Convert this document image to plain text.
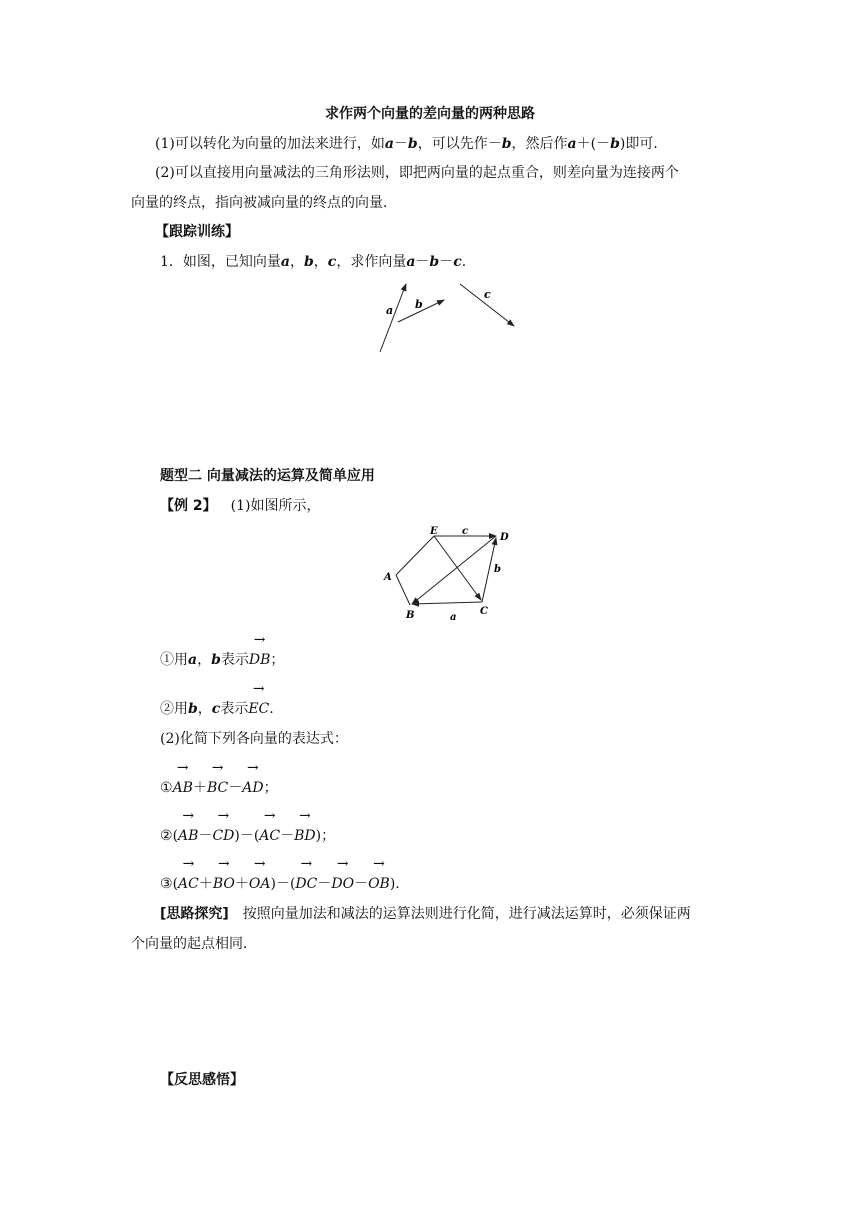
求作两个向量的差向量的两种思路
(1)可以转化为向量的加法来进行，如a－b，可以先作－b，然后作a＋(－b)即可．
(2)可以直接用向量减法的三角形法则，即把两向量的起点重合，则差向量为连接两个
向量的终点，指向被减向量的终点的向量．
【跟踪训练】
1．如图，已知向量a，b，c，求作向量a－b－c.
a b
c
题型二 向量减法的运算及简单应用
【例 2】 (1)如图所示，
E
D
A
B	C
c
b
a
①用a，b表示→ DB；
②用b，c表示→ EC.
(2)化简下列各向量的表达式：
①→ AB＋→ BC－→ AD；
②(→ AB－→ CD)－(→ AC－→ BD)；
③(→ AC＋→ BO＋→ OA)－(→ DC－→ DO－→ OB).
[思路探究] 按照向量加法和减法的运算法则进行化简，进行减法运算时，必须保证两
个向量的起点相同．
【反思感悟】
